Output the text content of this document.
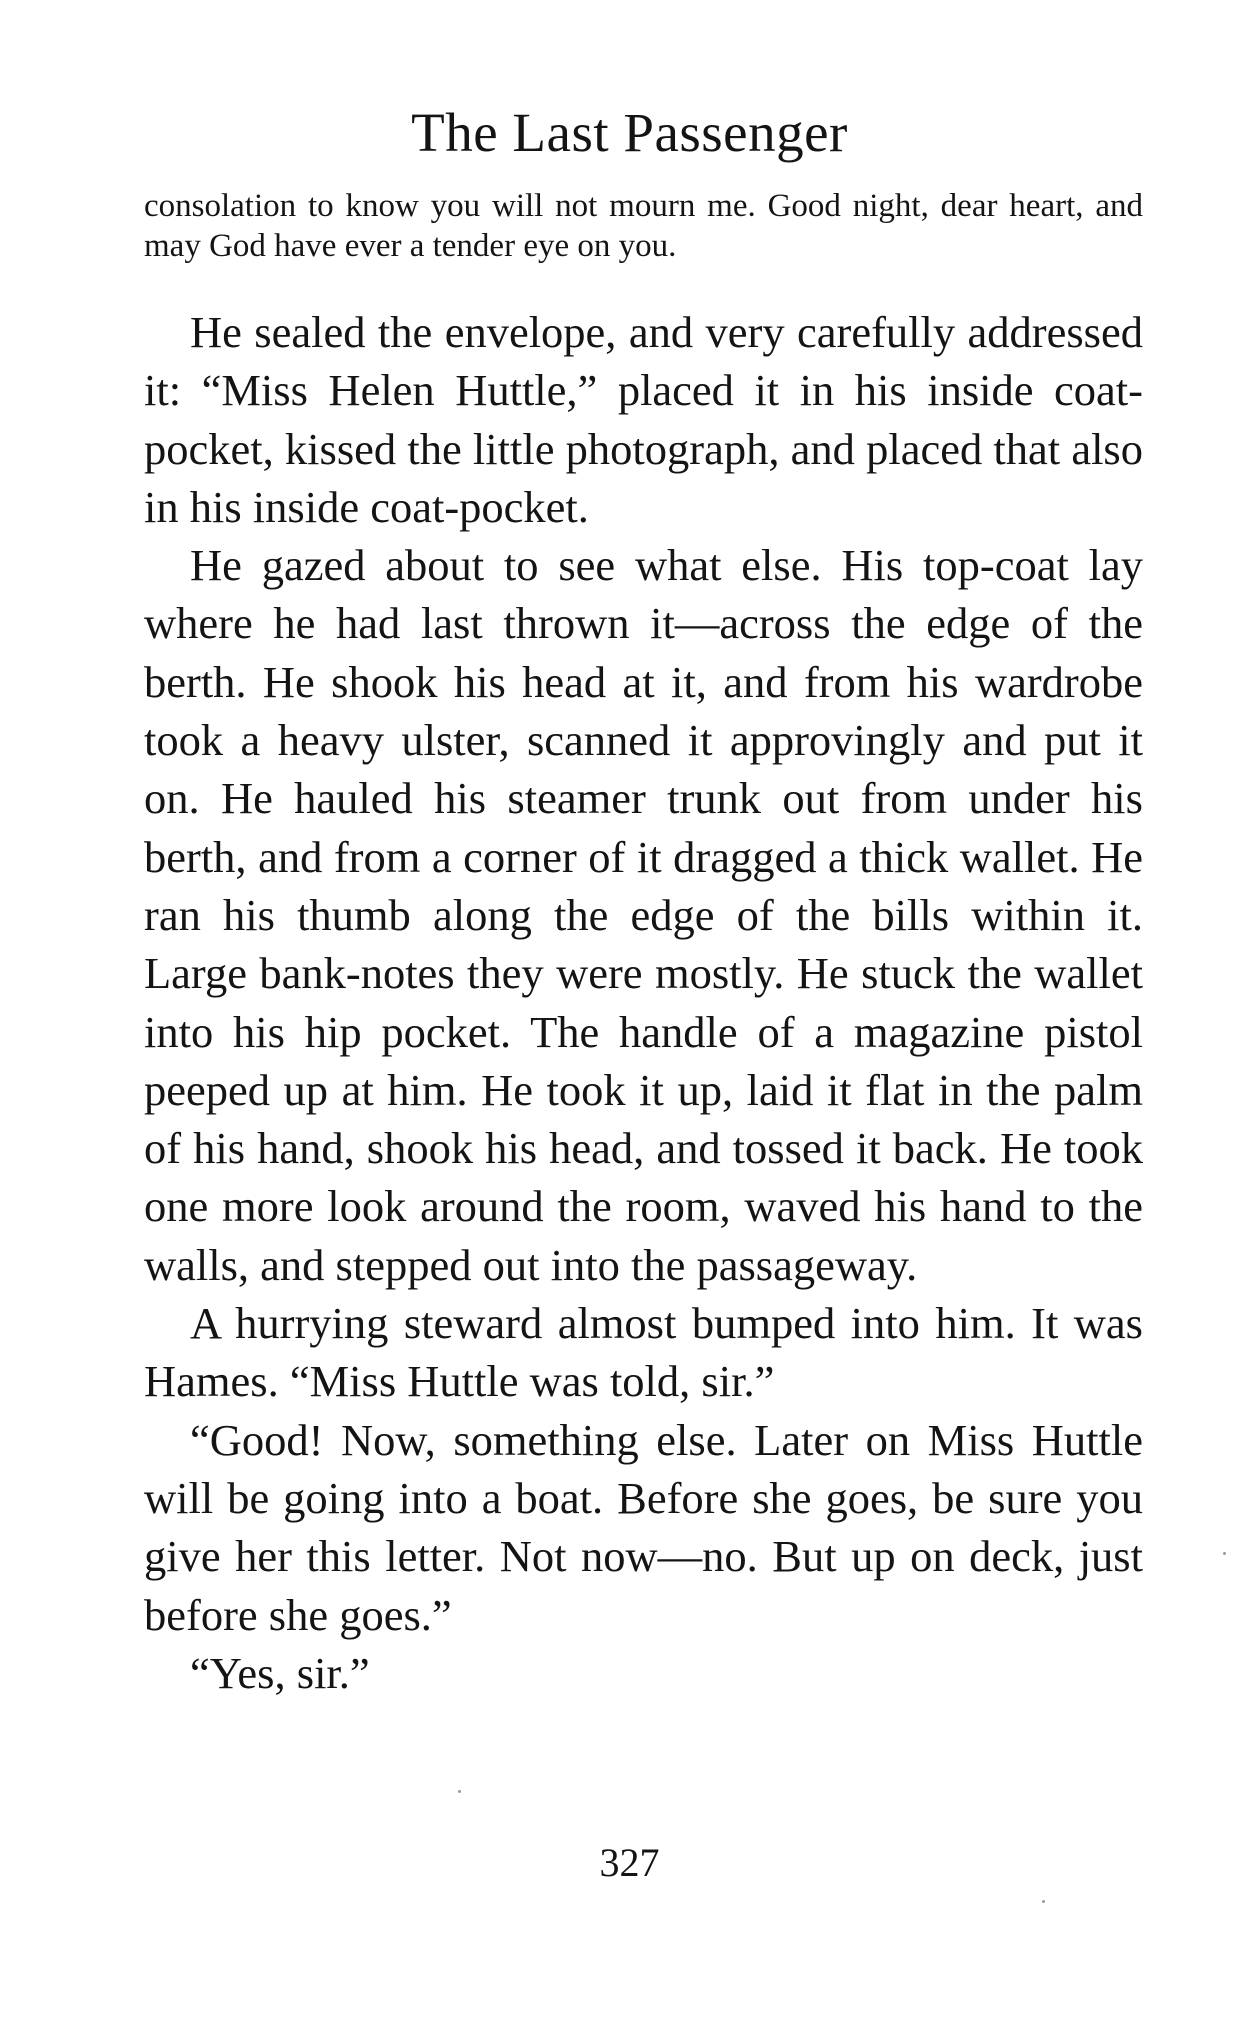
The Last Passenger

consolation to know you will not mourn me. Good night, dear heart, and may God have ever a tender eye on you.

He sealed the envelope, and very carefully addressed it: “Miss Helen Huttle,” placed it in his inside coat-pocket, kissed the little photograph, and placed that also in his inside coat-pocket.

He gazed about to see what else. His top-coat lay where he had last thrown it—across the edge of the berth. He shook his head at it, and from his wardrobe took a heavy ulster, scanned it approvingly and put it on. He hauled his steamer trunk out from under his berth, and from a corner of it dragged a thick wallet. He ran his thumb along the edge of the bills within it. Large bank-notes they were mostly. He stuck the wallet into his hip pocket. The handle of a magazine pistol peeped up at him. He took it up, laid it flat in the palm of his hand, shook his head, and tossed it back. He took one more look around the room, waved his hand to the walls, and stepped out into the passageway.

A hurrying steward almost bumped into him. It was Hames. “Miss Huttle was told, sir.”

“Good! Now, something else. Later on Miss Huttle will be going into a boat. Before she goes, be sure you give her this letter. Not now—no. But up on deck, just before she goes.”

“Yes, sir.”

327
